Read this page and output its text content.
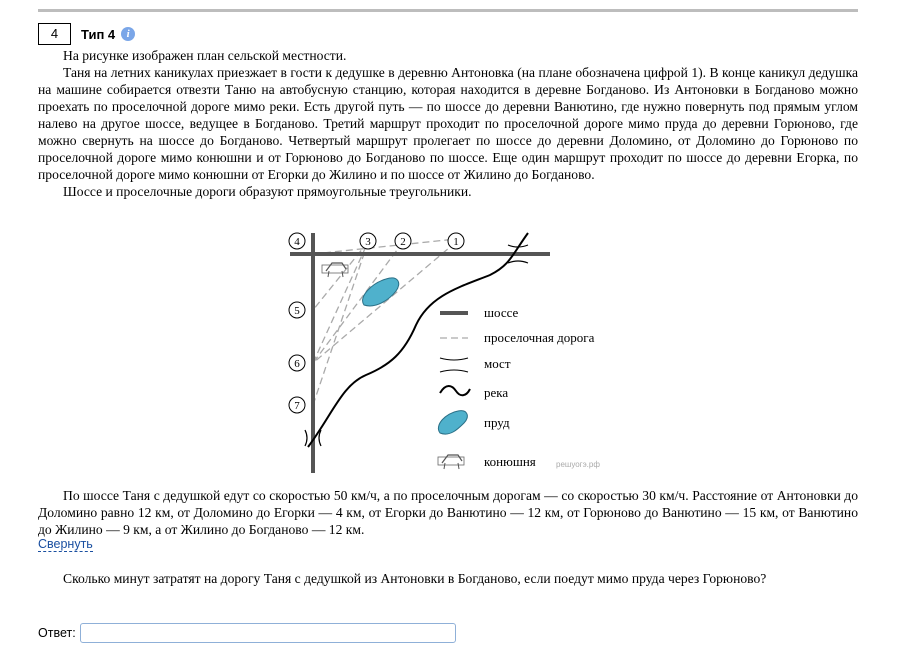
4	Тип 4	i

На рисунке изображен план сельской местности.

Таня на летних каникулах приезжает в гости к дедушке в деревню Антоновка (на плане обозначена цифрой 1). В конце каникул дедушка на машине собирается отвезти Таню на автобусную станцию, которая находится в деревне Богданово. Из Антоновки в Богданово можно проехать по проселочной дороге мимо реки. Есть другой путь — по шоссе до деревни Ванютино, где нужно повернуть под прямым углом налево на другое шоссе, ведущее в Богданово. Третий маршрут проходит по проселочной дороге мимо пруда до деревни Горюново, где можно свернуть на шоссе до Богданово. Четвертый маршрут пролегает по шоссе до деревни Доломино, от Доломино до Горюново по проселочной дороге мимо конюшни и от Горюново до Богданово по шоссе. Еще один маршрут проходит по шоссе до деревни Егорка, по проселочной дороге мимо конюшни от Егорки до Жилино и по шоссе от Жилино до Богданово.

Шоссе и проселочные дороги образуют прямоугольные треугольники.

4	3	2	1
5
6
7
шоссе
проселочная дорога
мост
река
пруд
конюшня	решуогэ.рф

По шоссе Таня с дедушкой едут со скоростью 50 км/ч, а по проселочным дорогам — со скоростью 30 км/ч. Расстояние от Антоновки до Доломино равно 12 км, от Доломино до Егорки — 4 км, от Егорки до Ванютино — 12 км, от Горюново до Ванютино — 15 км, от Ванютино до Жилино — 9 км, а от Жилино до Богданово — 12 км.

Свернуть

Сколько минут затратят на дорогу Таня с дедушкой из Антоновки в Богданово, если поедут мимо пруда через Горюново?

Ответ:
